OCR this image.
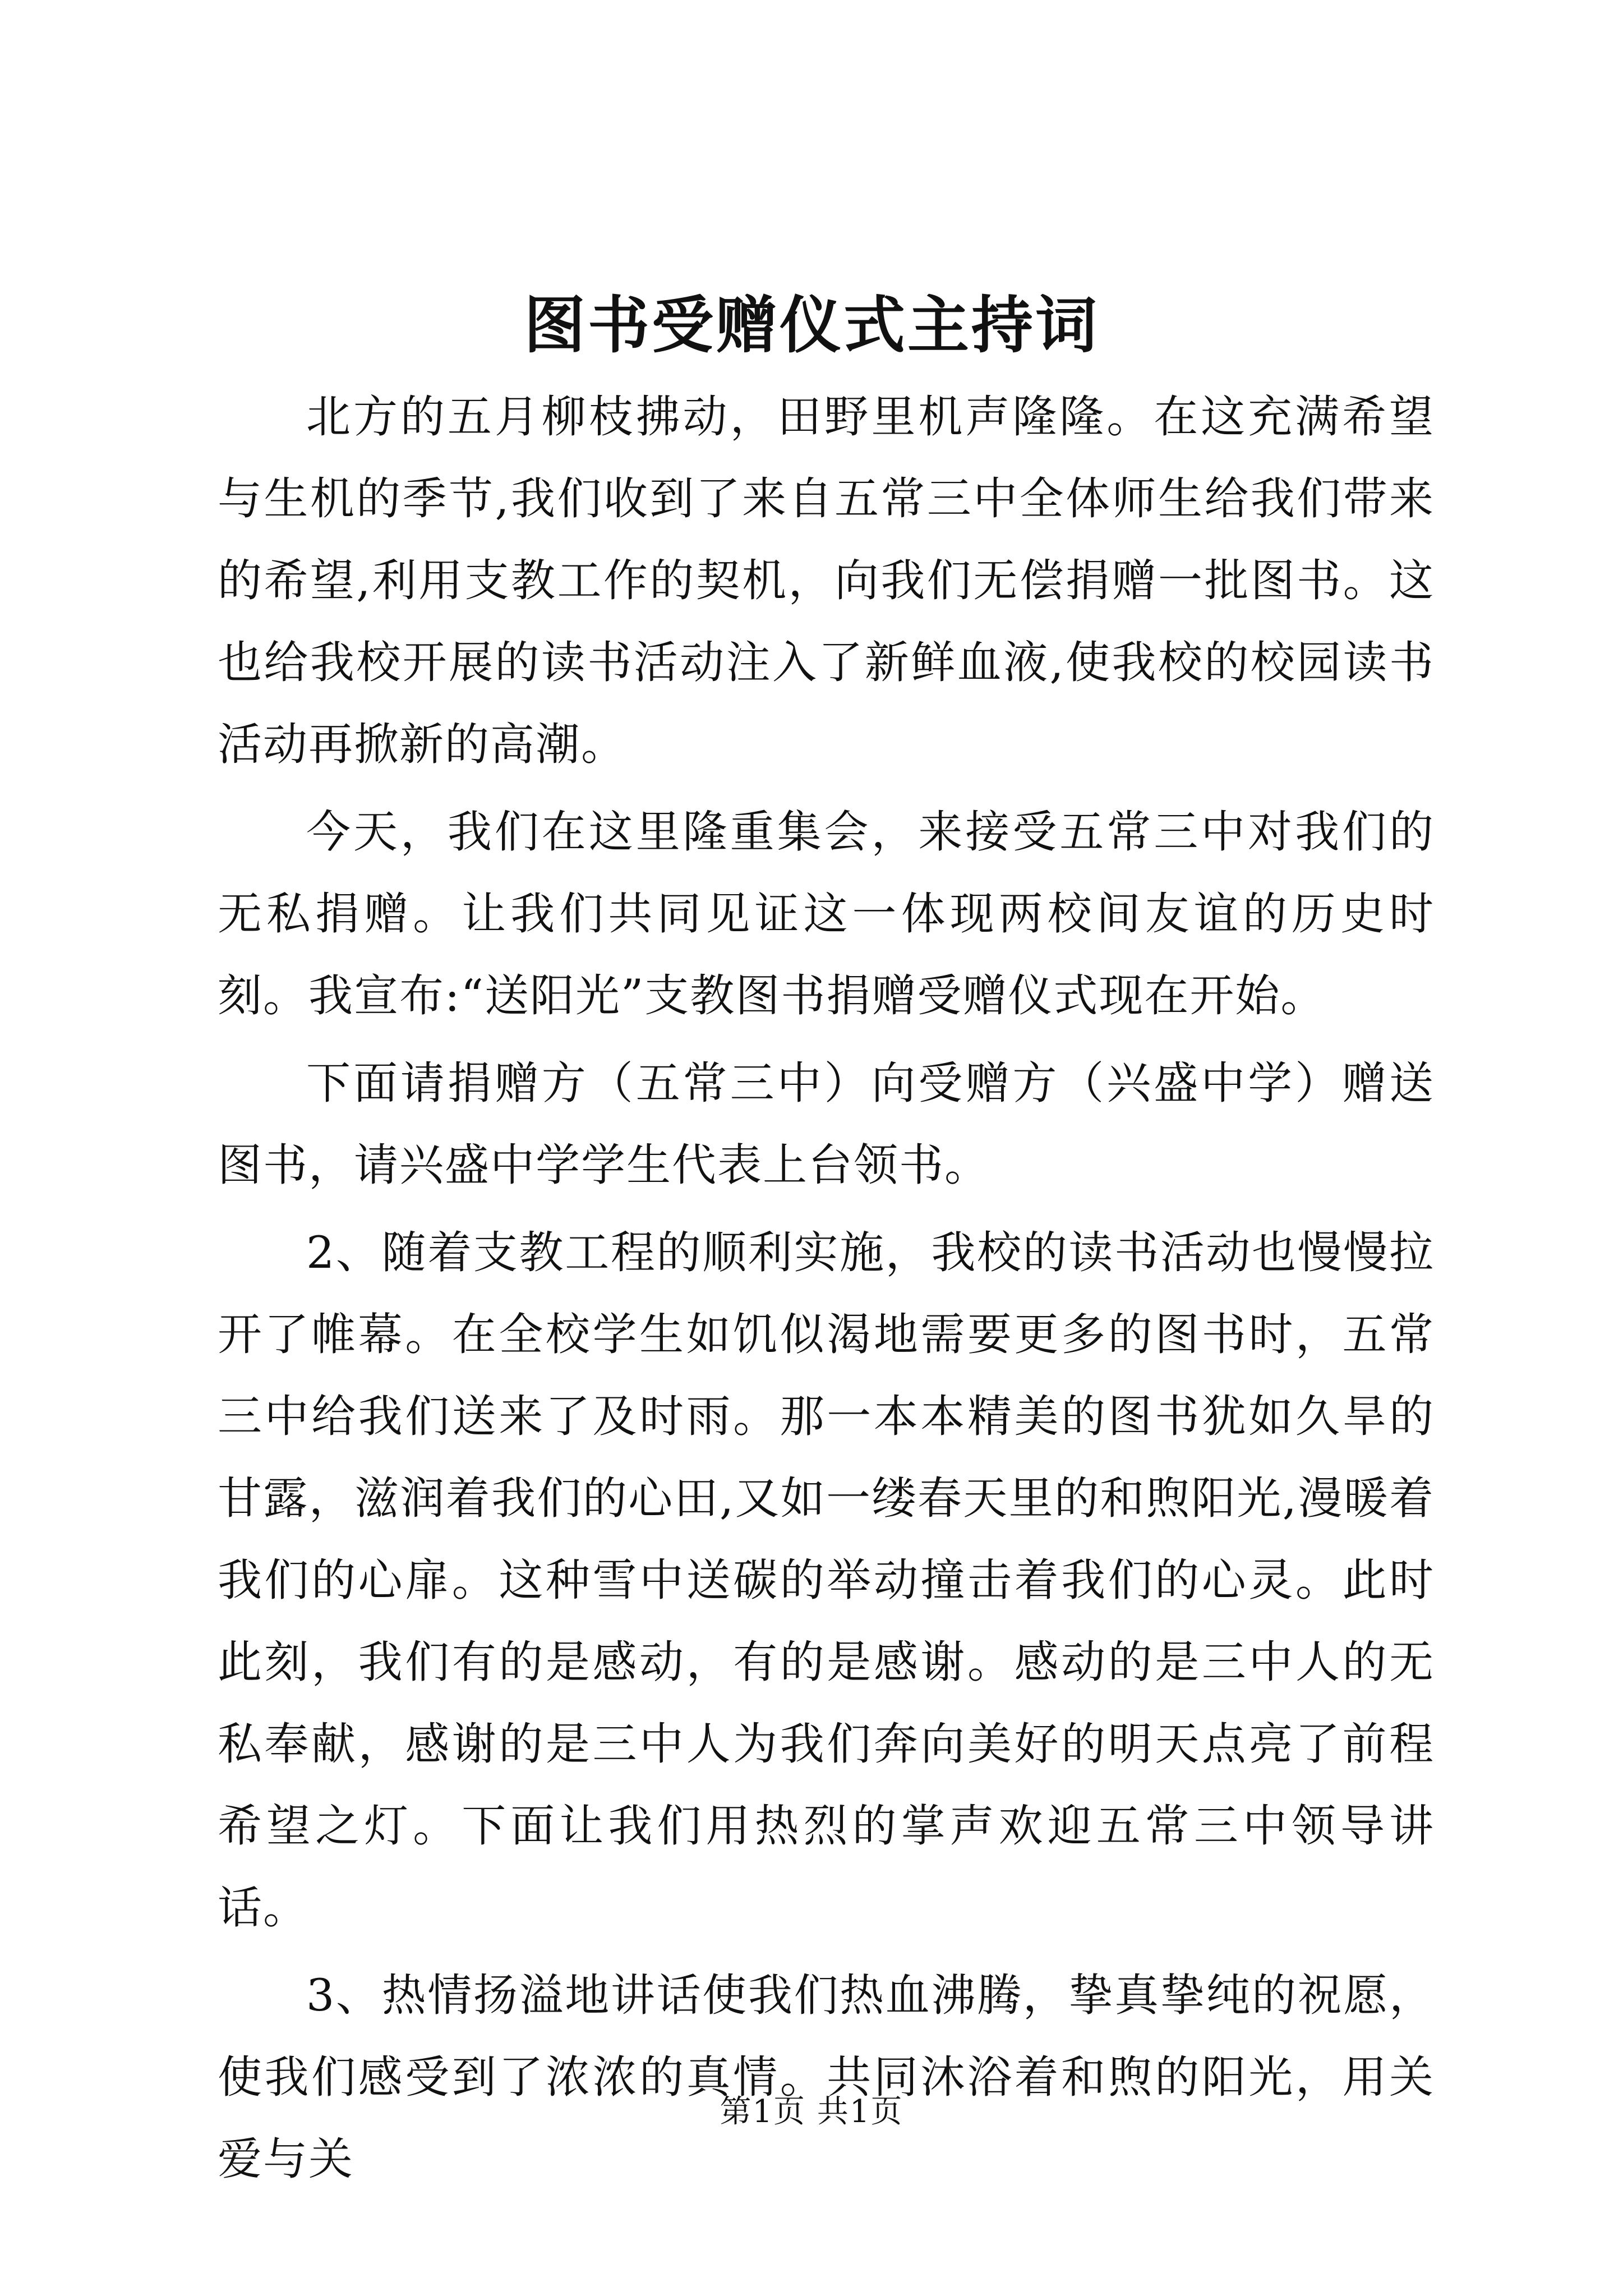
图书受赠仪式主持词

北方的五月柳枝拂动，田野里机声隆隆。在这充满希望与生机的季节,我们收到了来自五常三中全体师生给我们带来的希望,利用支教工作的契机，向我们无偿捐赠一批图书。这也给我校开展的读书活动注入了新鲜血液,使我校的校园读书活动再掀新的高潮。

今天，我们在这里隆重集会，来接受五常三中对我们的无私捐赠。让我们共同见证这一体现两校间友谊的历史时刻。我宣布:“送阳光”支教图书捐赠受赠仪式现在开始。

下面请捐赠方（五常三中）向受赠方（兴盛中学）赠送图书，请兴盛中学学生代表上台领书。

2、随着支教工程的顺利实施，我校的读书活动也慢慢拉开了帷幕。在全校学生如饥似渴地需要更多的图书时，五常三中给我们送来了及时雨。那一本本精美的图书犹如久旱的甘露，滋润着我们的心田,又如一缕春天里的和煦阳光,漫暖着我们的心扉。这种雪中送碳的举动撞击着我们的心灵。此时此刻，我们有的是感动，有的是感谢。感动的是三中人的无私奉献，感谢的是三中人为我们奔向美好的明天点亮了前程希望之灯。下面让我们用热烈的掌声欢迎五常三中领导讲话。

3、热情扬溢地讲话使我们热血沸腾，挚真挚纯的祝愿，使我们感受到了浓浓的真情。共同沐浴着和煦的阳光，用关爱与关

第1页 共1页
